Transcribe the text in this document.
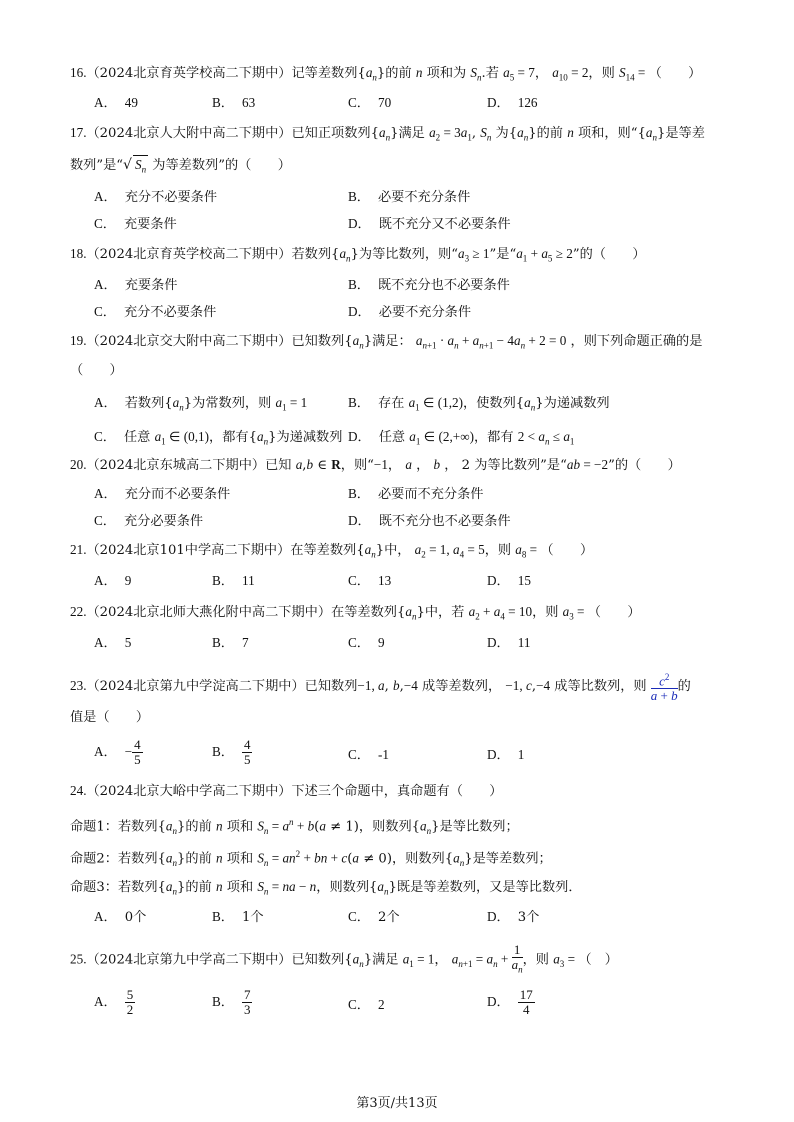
16.（2024北京育英学校高二下期中）记等差数列$\{a_n\}$的前 n 项和为 $S_n$.若 $a_5 = 7$， $a_{10} = 2$，则 $S_{14}$ = （　　）
A． 49	B． 63	C． 70	D． 126
17.（2024北京人大附中高二下期中）已知正项数列$\{a_n\}$满足 $a_2 = 3a_1$, $S_n$ 为$\{a_n\}$的前 n 项和，则“$\{a_n\}$是等差
数列”是“√ $S_n$ 为等差数列”的（　　）
A． 充分不必要条件	B． 必要不充分条件
C． 充要条件	D． 既不充分又不必要条件
18.（2024北京育英学校高二下期中）若数列$\{a_n\}$为等比数列，则“$a_3 \ge 1$”是“$a_1 + a_5 \ge 2$”的（　　）
A． 充要条件	B． 既不充分也不必要条件
C． 充分不必要条件	D． 必要不充分条件
19.（2024北京交大附中高二下期中）已知数列$\{a_n\}$满足： $a_{n+1} \cdot a_n + a_{n+1} - 4a_n + 2 = 0$ ，则下列命题正确的是
（　　）
A． 若数列$\{a_n\}$为常数列，则 $a_1 = 1$	B． 存在 $a_1$ ∈ (1,2)，使数列$\{a_n\}$为递减数列
C． 任意 $a_1$ ∈ (0,1)，都有$\{a_n\}$为递减数列 D． 任意 $a_1$ ∈ (2,+∞)，都有 $2 < a_n \le a_1$
20.（2024北京东城高二下期中）已知 a,b ∈ R，则“−1， a ， b ， 2 为等比数列”是“ab = −2”的（　　）
A． 充分而不必要条件	B． 必要而不充分条件
C． 充分必要条件	D． 既不充分也不必要条件
21.（2024北京101中学高二下期中）在等差数列$\{a_n\}$中， $a_2 = 1$, $a_4 = 5$，则 $a_8$ = （　　）
A． 9	B． 11	C． 13	D． 15
22.（2024北京北师大燕化附中高二下期中）在等差数列$\{a_n\}$中，若 $a_2 + a_4 = 10$，则 $a_3$ = （　　）
A． 5	B． 7	C． 9	D． 11
23.（2024北京第九中学淀高二下期中）已知数列−1, a, b,−4 成等差数列， −1, c,−4 成等比数列，则 $\frac{c^2}{a + b}$ 的
值是（　　）
A． − $\frac{4}{5}$	B． $\frac{4}{5}$	C． -1	D． 1
24.（2024北京大峪中学高二下期中）下述三个命题中，真命题有（　　）
命题1：若数列$\{a_n\}$的前 n 项和 $S_n = a^n + b(a \ne 1)$，则数列$\{a_n\}$是等比数列；
命题2：若数列$\{a_n\}$的前 n 项和 $S_n = an^2$ + bn + c(a ≠ 0)，则数列$\{a_n\}$是等差数列；
命题3：若数列$\{a_n\}$的前 n 项和 $S_n$ = na − n，则数列$\{a_n\}$既是等差数列，又是等比数列．
A． 0个	B． 1个	C． 2个	D． 3个
25.（2024北京第九中学高二下期中）已知数列$\{a_n\}$满足 $a_1 = 1$， $a_{n+1} = a_n + \frac{1}{a_n}$ ，则 $a_3$ = （　）
A． $\frac{5}{2}$	B． $\frac{7}{3}$	C． 2	D． $\frac{17}{4}$
第3页/共13页
